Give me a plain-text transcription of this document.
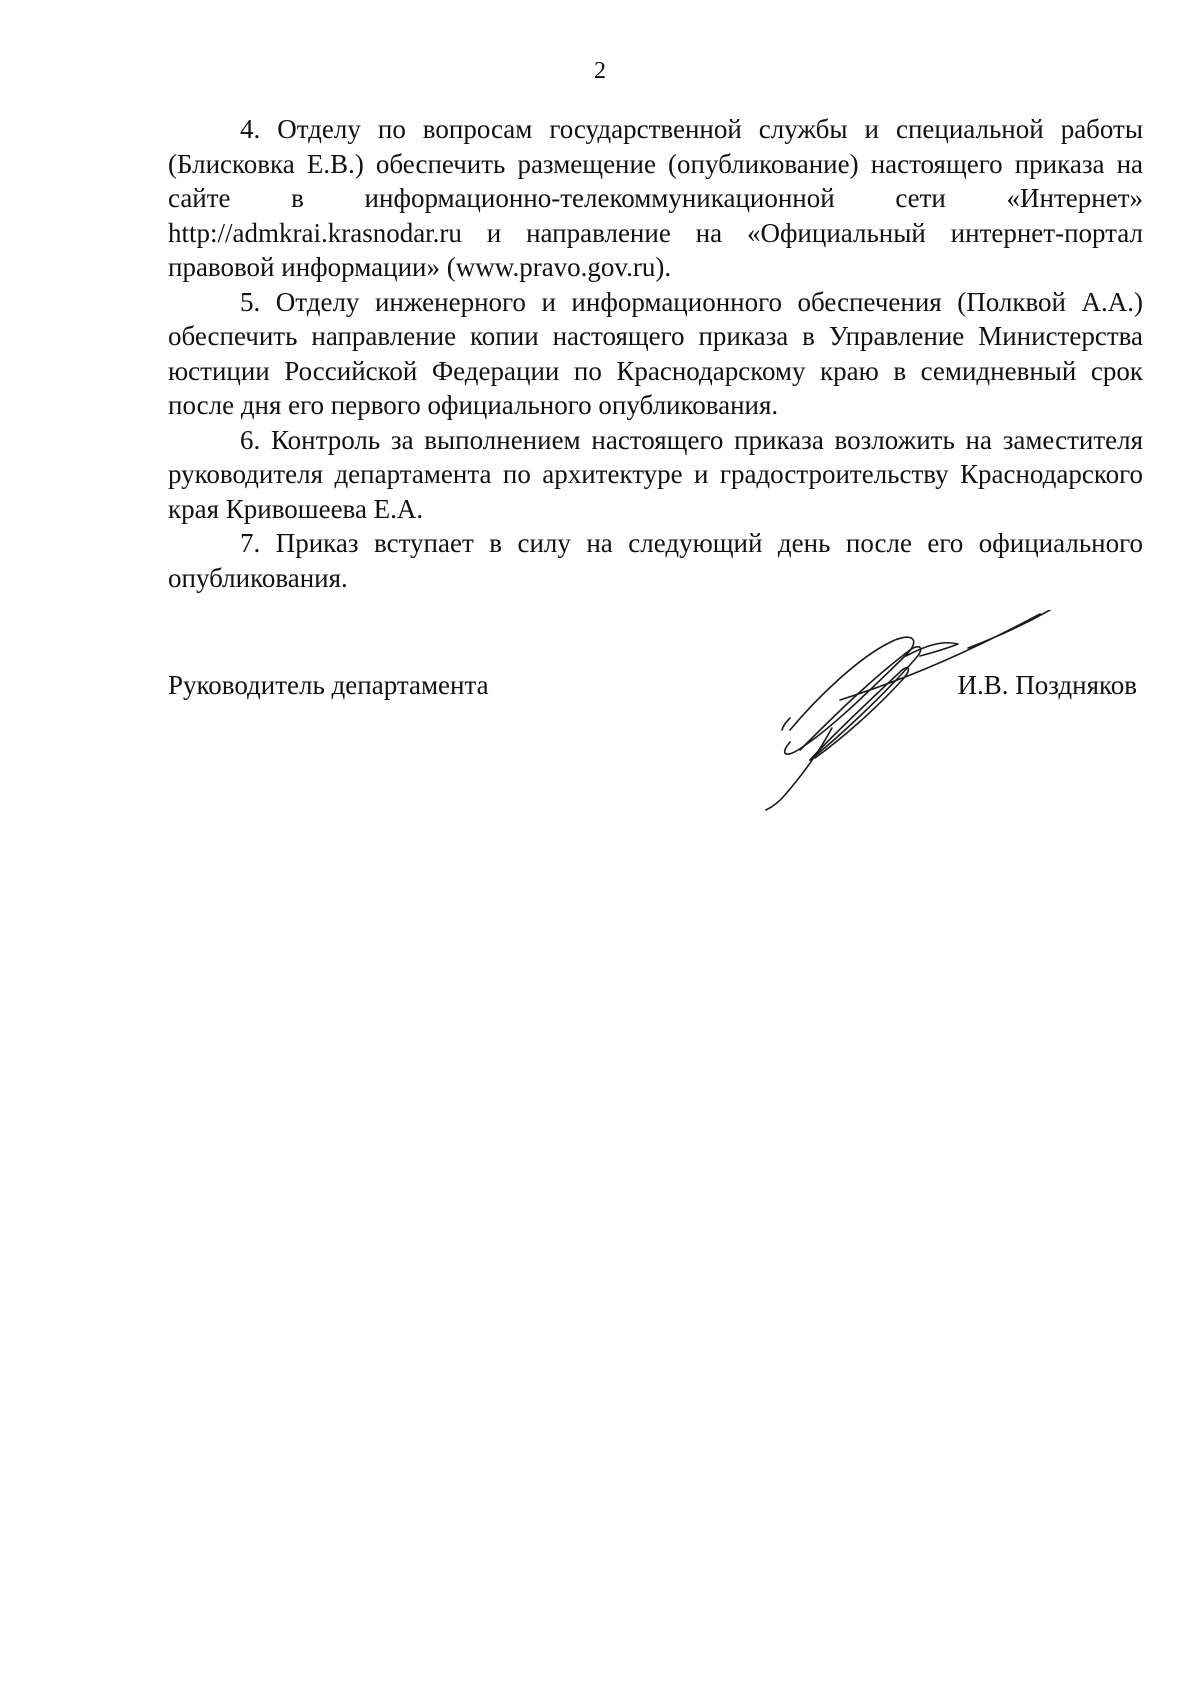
2

4. Отделу по вопросам государственной службы и специальной работы (Блисковка Е.В.) обеспечить размещение (опубликование) настоящего приказа на сайте в информационно-телекоммуникационной сети «Интернет» http://admkrai.krasnodar.ru и направление на «Официальный интернет-портал правовой информации» (www.pravo.gov.ru).

5. Отделу инженерного и информационного обеспечения (Полквой А.А.) обеспечить направление копии настоящего приказа в Управление Министерства юстиции Российской Федерации по Краснодарскому краю в семидневный срок после дня его первого официального опубликования.

6. Контроль за выполнением настоящего приказа возложить на заместителя руководителя департамента по архитектуре и градостроительству Краснодарского края Кривошеева Е.А.

7. Приказ вступает в силу на следующий день после его официального опубликования.

Руководитель департамента	И.В. Поздняков
